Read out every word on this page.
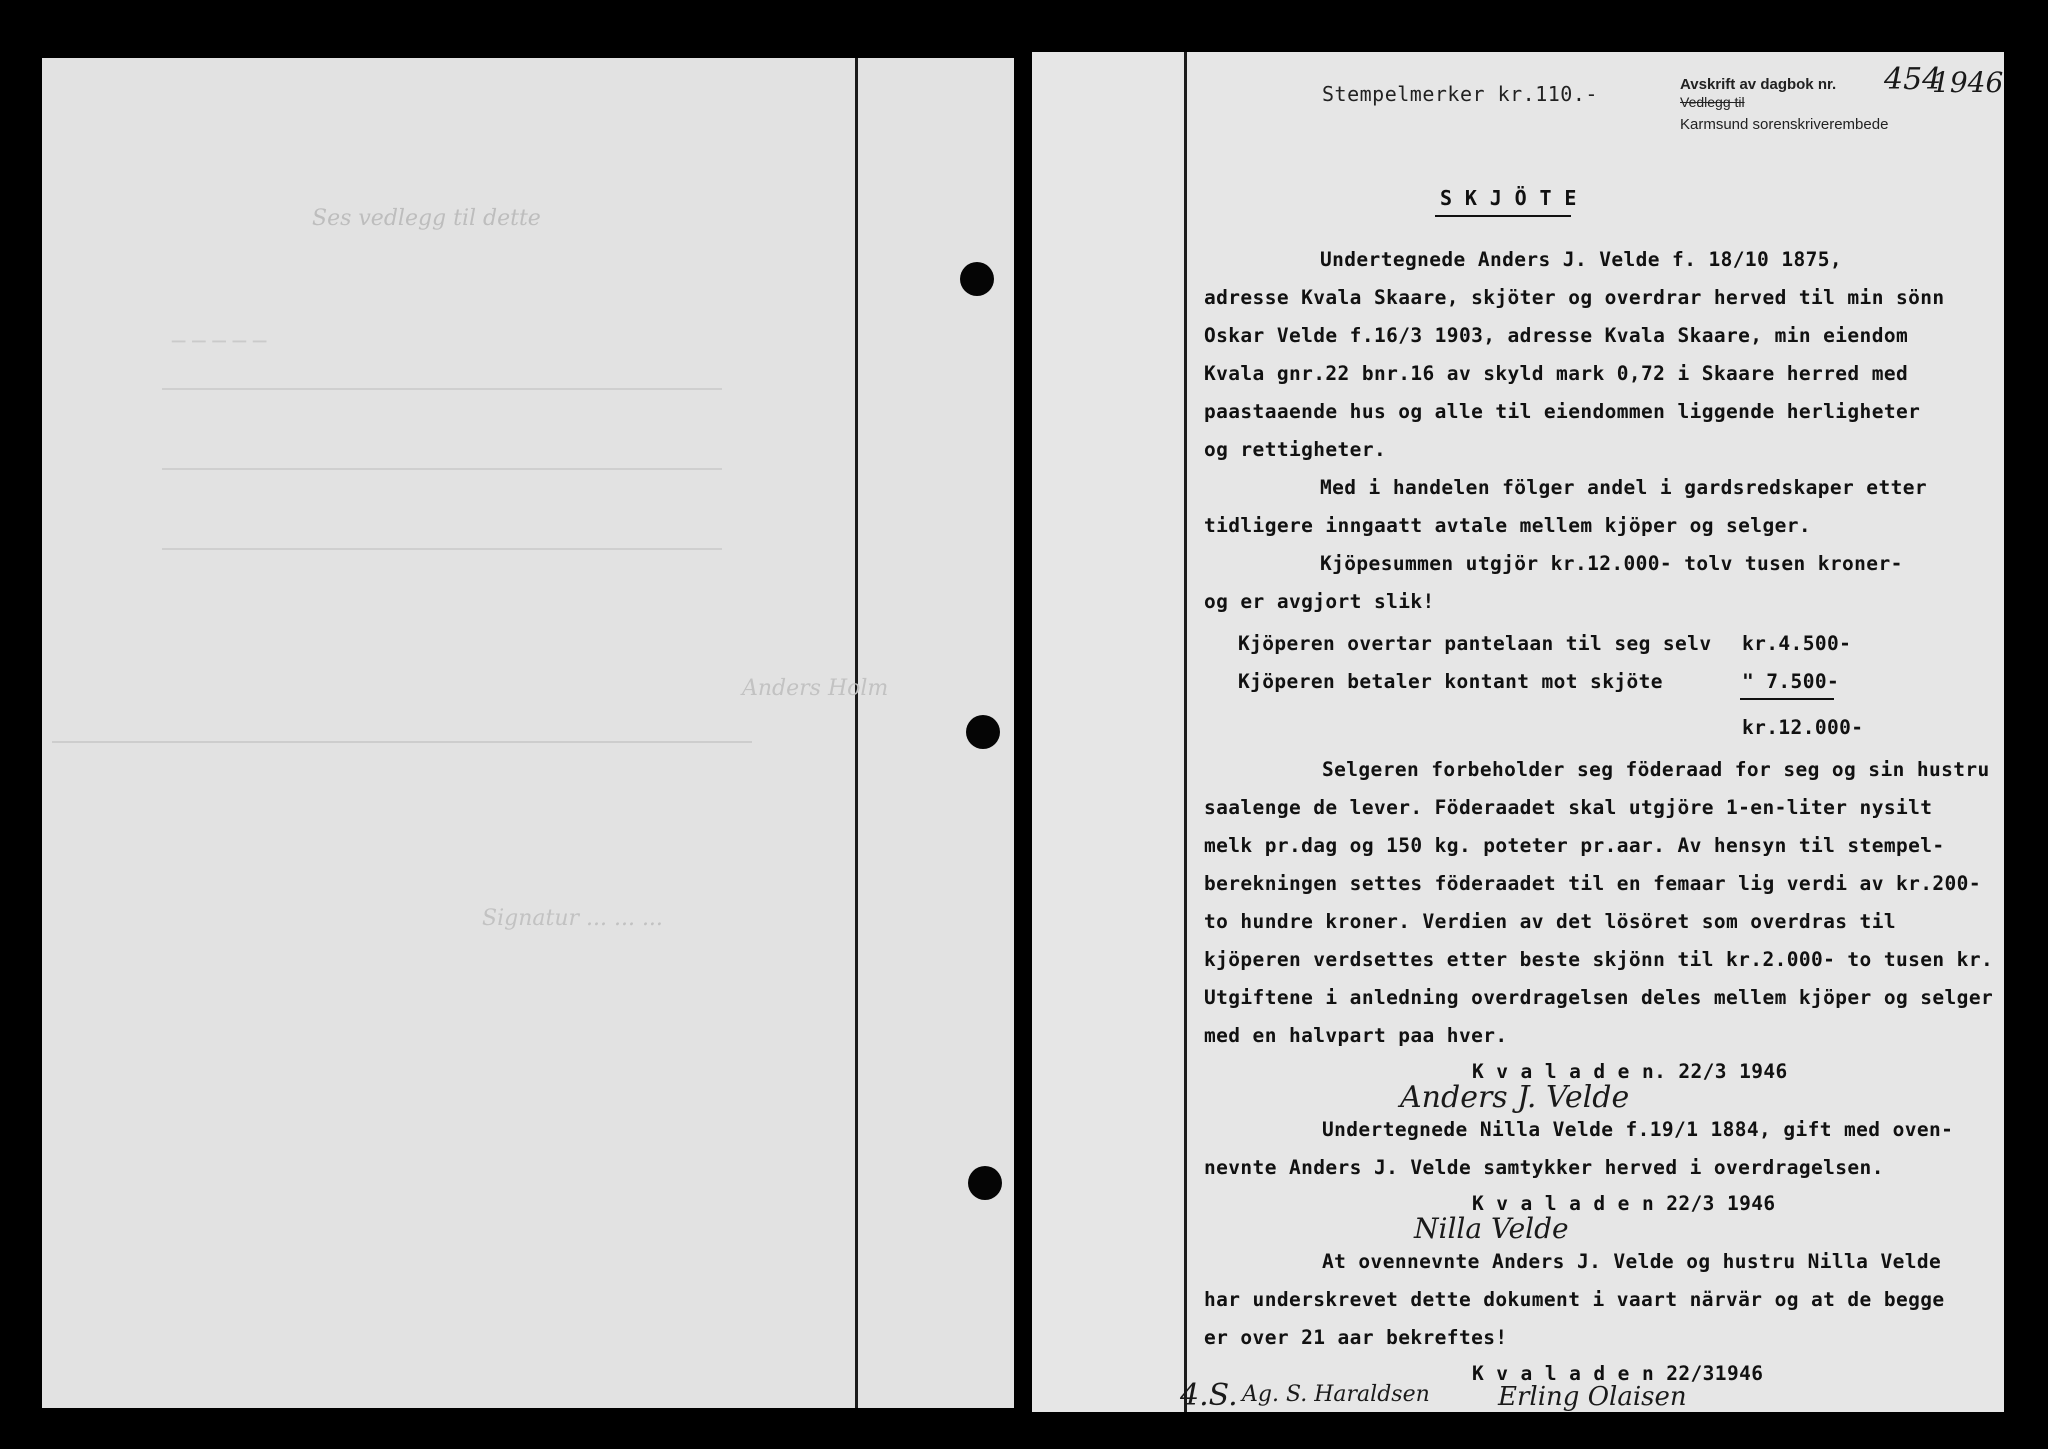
Ses vedlegg til dette
─ ─ ─ ─ ─
Anders Holm
Signatur ... ... ...
Stempelmerker kr.110.-	Avskrift av dagbok nr. 454
1946
Vedlegg til
Karmsund sorenskriverembede
S K J Ö T E
Undertegnede Anders J. Velde f. 18/10 1875,
adresse Kvala Skaare, skjöter og overdrar herved til min sönn
Oskar Velde f.16/3 1903, adresse Kvala Skaare, min eiendom
Kvala gnr.22 bnr.16 av skyld mark 0,72 i Skaare herred med
paastaaende hus og alle til eiendommen liggende herligheter
og rettigheter.
Med i handelen fölger andel i gardsredskaper etter
tidligere inngaatt avtale mellem kjöper og selger.
Kjöpesummen utgjör kr.12.000- tolv tusen kroner-
og er avgjort slik!
Kjöperen overtar pantelaan til seg selv kr.4.500-
Kjöperen betaler kontant mot skjöte	" 7.500-
kr.12.000-
Selgeren forbeholder seg föderaad for seg og sin hustru
saalenge de lever. Föderaadet skal utgjöre 1-en-liter nysilt
melk pr.dag og 150 kg. poteter pr.aar. Av hensyn til stempel-
berekningen settes föderaadet til en femaar lig verdi av kr.200-
to hundre kroner. Verdien av det lösöret som overdras til
kjöperen verdsettes etter beste skjönn til kr.2.000- to tusen kr.
Utgiftene i anledning overdragelsen deles mellem kjöper og selger
med en halvpart paa hver.
K v a l a d e n. 22/3 1946
Anders J. Velde
Undertegnede Nilla Velde f.19/1 1884, gift med oven-
nevnte Anders J. Velde samtykker herved i overdragelsen.
K v a l a d e n 22/3 1946
Nilla Velde
At ovennevnte Anders J. Velde og hustru Nilla Velde
har underskrevet dette dokument i vaart närvär og at de begge
er over 21 aar bekreftes!
K v a l a d e n 22/31946
Ag. S. Haraldsen	Erling Olaisen
4.S.
